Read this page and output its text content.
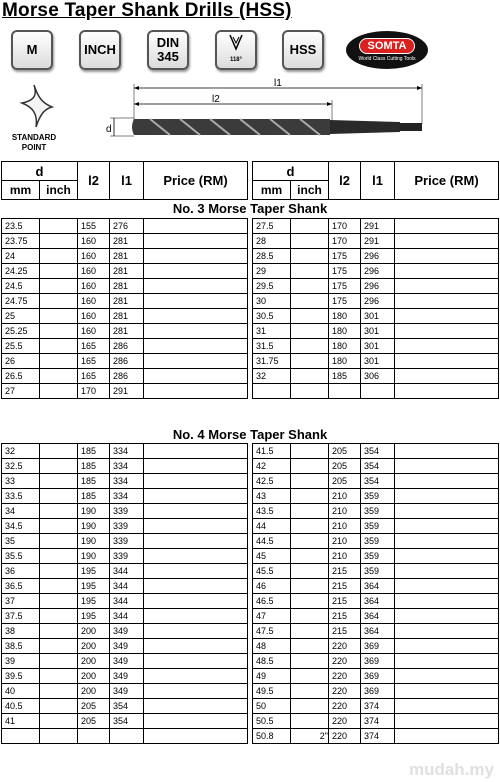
Morse Taper Shank Drills (HSS)
M	INCH	DIN
345	118°
HSS	SOMTA
World Class Cutting Tools
STANDARD POINT
l1
l2
d
d		l2	l1	Price (RM)
mm	inch			
d		l2	l1	Price (RM)
mm	inch			
No. 3 Morse Taper Shank
23.5		155	276	
23.75		160	281	
24		160	281	
24.25		160	281	
24.5		160	281	
24.75		160	281	
25		160	281	
25.25		160	281	
25.5		165	286	
26		165	286	
26.5		165	286	
27		170	291	
27.5		170	291	
28		170	291	
28.5		175	296	
29		175	296	
29.5		175	296	
30		175	296	
30.5		180	301	
31		180	301	
31.5		180	301	
31.75		180	301	
32		185	306	

No. 4 Morse Taper Shank
32		185	334	
32.5		185	334	
33		185	334	
33.5		185	334	
34		190	339	
34.5		190	339	
35		190	339	
35.5		190	339	
36		195	344	
36.5		195	344	
37		195	344	
37.5		195	344	
38		200	349	
38.5		200	349	
39		200	349	
39.5		200	349	
40		200	349	
40.5		205	354	
41		205	354	

41.5		205	354	
42		205	354	
42.5		205	354	
43		210	359	
43.5		210	359	
44		210	359	
44.5		210	359	
45		210	359	
45.5		215	359	
46		215	364	
46.5		215	364	
47		215	364	
47.5		215	364	
48		220	369	
48.5		220	369	
49		220	369	
49.5		220	369	
50		220	374	
50.5		220	374	
50.8	2"	220	374	
mudah.my
